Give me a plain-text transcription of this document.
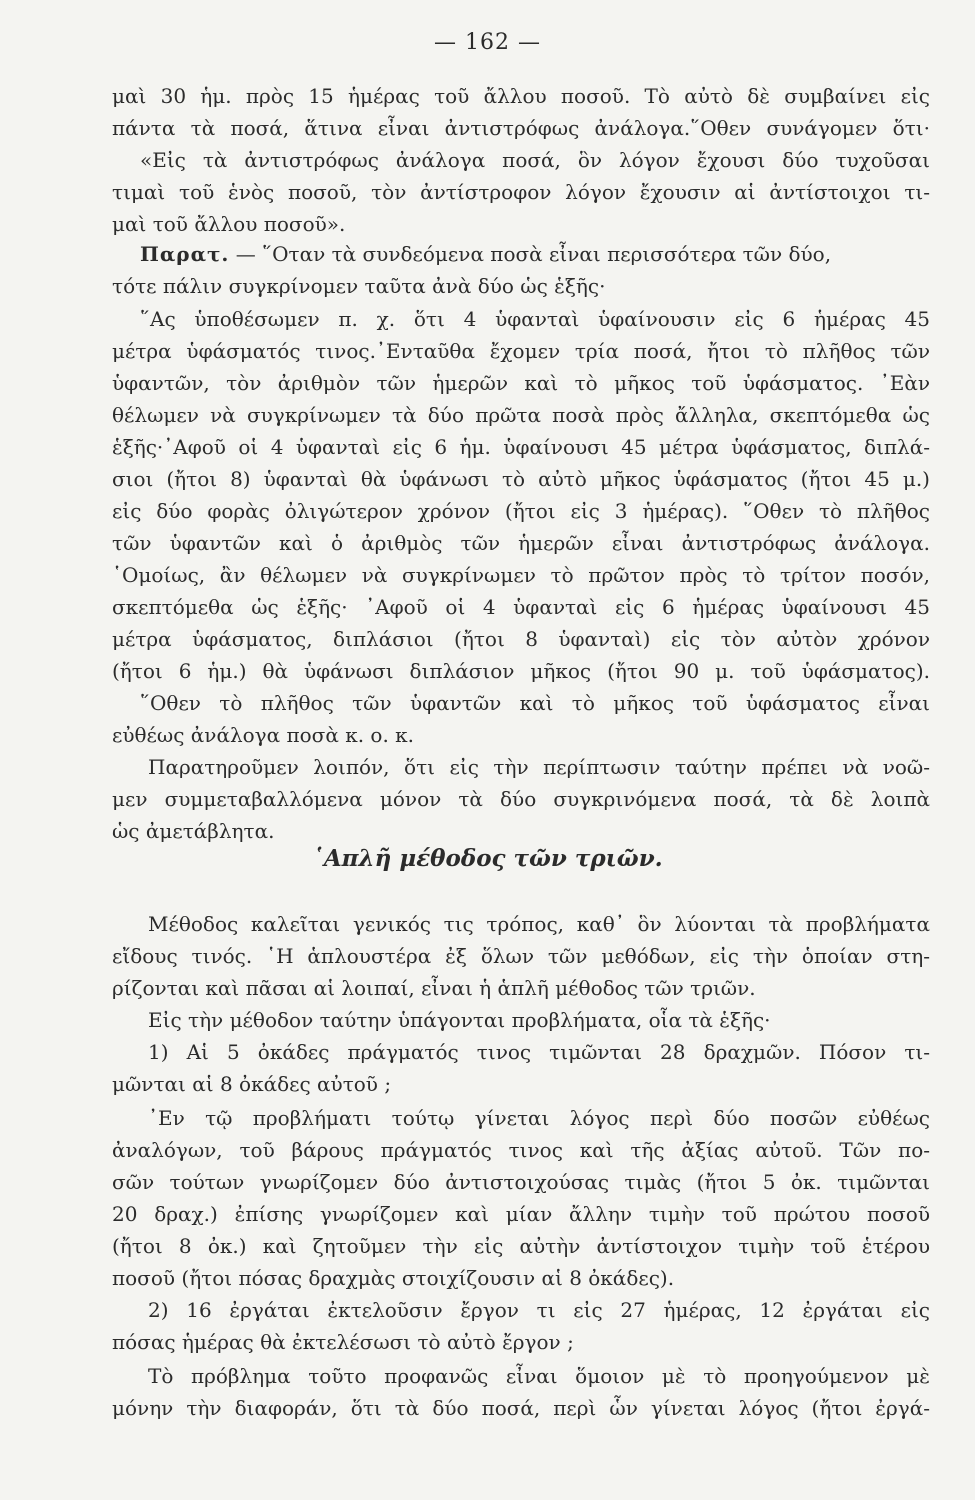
— 162 —
μαὶ 30 ἡμ. πρὸς 15 ἡμέρας τοῦ ἄλλου ποσοῦ. Τὸ αὐτὸ δὲ συμβαίνει εἰς
πάντα τὰ ποσά, ἅτινα εἶναι ἀντιστρόφως ἀνάλογα.῞Οθεν συνάγομεν ὅτι·
«Εἰς τὰ ἀντιστρόφως ἀνάλογα ποσά, ὃν λόγον ἔχουσι δύο τυχοῦσαι
τιμαὶ τοῦ ἑνὸς ποσοῦ, τὸν ἀντίστροφον λόγον ἔχουσιν αἱ ἀντίστοιχοι τι-
μαὶ τοῦ ἄλλου ποσοῦ».
Παρατ. — ῞Οταν τὰ συνδεόμενα ποσὰ εἶναι περισσότερα τῶν δύο,
τότε πάλιν συγκρίνομεν ταῦτα ἀνὰ δύο ὡς ἑξῆς·
῞Ας ὑποθέσωμεν π. χ. ὅτι 4 ὑφανταὶ ὑφαίνουσιν εἰς 6 ἡμέρας 45
μέτρα ὑφάσματός τινος.᾿Ενταῦθα ἔχομεν τρία ποσά, ἤτοι τὸ πλῆθος τῶν
ὑφαντῶν, τὸν ἀριθμὸν τῶν ἡμερῶν καὶ τὸ μῆκος τοῦ ὑφάσματος. ᾿Εὰν
θέλωμεν νὰ συγκρίνωμεν τὰ δύο πρῶτα ποσὰ πρὸς ἄλληλα, σκεπτόμεθα ὡς
ἑξῆς·᾿Αφοῦ οἱ 4 ὑφανταὶ εἰς 6 ἡμ. ὑφαίνουσι 45 μέτρα ὑφάσματος, διπλά-
σιοι (ἤτοι 8) ὑφανταὶ θὰ ὑφάνωσι τὸ αὐτὸ μῆκος ὑφάσματος (ἤτοι 45 μ.)
εἰς δύο φορὰς ὀλιγώτερον χρόνον (ἤτοι εἰς 3 ἡμέρας). ῞Οθεν τὸ πλῆθος
τῶν ὑφαντῶν καὶ ὁ ἀριθμὸς τῶν ἡμερῶν εἶναι ἀντιστρόφως ἀνάλογα.
῾Ομοίως, ἂν θέλωμεν νὰ συγκρίνωμεν τὸ πρῶτον πρὸς τὸ τρίτον ποσόν,
σκεπτόμεθα ὡς ἑξῆς· ᾿Αφοῦ οἱ 4 ὑφανταὶ εἰς 6 ἡμέρας ὑφαίνουσι 45
μέτρα ὑφάσματος, διπλάσιοι (ἤτοι 8 ὑφανταὶ) εἰς τὸν αὐτὸν χρόνον
(ἤτοι 6 ἡμ.) θὰ ὑφάνωσι διπλάσιον μῆκος (ἤτοι 90 μ. τοῦ ὑφάσματος).
῞Οθεν τὸ πλῆθος τῶν ὑφαντῶν καὶ τὸ μῆκος τοῦ ὑφάσματος εἶναι
εὐθέως ἀνάλογα ποσὰ κ. ο. κ.
Παρατηροῦμεν λοιπόν, ὅτι εἰς τὴν περίπτωσιν ταύτην πρέπει νὰ νοῶ-
μεν συμμεταβαλλόμενα μόνον τὰ δύο συγκρινόμενα ποσά, τὰ δὲ λοιπὰ
ὡς ἀμετάβλητα.
῾Απλῆ μέθοδος τῶν τριῶν.
Μέθοδος καλεῖται γενικός τις τρόπος, καθ᾿ ὃν λύονται τὰ προβλήματα
εἴδους τινός. ῾Η ἁπλουστέρα ἐξ ὅλων τῶν μεθόδων, εἰς τὴν ὁποίαν στη-
ρίζονται καὶ πᾶσαι αἱ λοιπαί, εἶναι ἡ ἁπλῆ μέθοδος τῶν τριῶν.
Εἰς τὴν μέθοδον ταύτην ὑπάγονται προβλήματα, οἷα τὰ ἑξῆς·
1) Αἱ 5 ὀκάδες πράγματός τινος τιμῶνται 28 δραχμῶν. Πόσον τι-
μῶνται αἱ 8 ὀκάδες αὐτοῦ ;
᾿Εν τῷ προβλήματι τούτῳ γίνεται λόγος περὶ δύο ποσῶν εὐθέως
ἀναλόγων, τοῦ βάρους πράγματός τινος καὶ τῆς ἀξίας αὐτοῦ. Τῶν πο-
σῶν τούτων γνωρίζομεν δύο ἀντιστοιχούσας τιμὰς (ἤτοι 5 ὀκ. τιμῶνται
20 δραχ.) ἐπίσης γνωρίζομεν καὶ μίαν ἄλλην τιμὴν τοῦ πρώτου ποσοῦ
(ἤτοι 8 ὀκ.) καὶ ζητοῦμεν τὴν εἰς αὐτὴν ἀντίστοιχον τιμὴν τοῦ ἑτέρου
ποσοῦ (ἤτοι πόσας δραχμὰς στοιχίζουσιν αἱ 8 ὀκάδες).
2) 16 ἐργάται ἐκτελοῦσιν ἔργον τι εἰς 27 ἡμέρας, 12 ἐργάται εἰς
πόσας ἡμέρας θὰ ἐκτελέσωσι τὸ αὐτὸ ἔργον ;
Τὸ πρόβλημα τοῦτο προφανῶς εἶναι ὅμοιον μὲ τὸ προηγούμενον μὲ
μόνην τὴν διαφοράν, ὅτι τὰ δύο ποσά, περὶ ὧν γίνεται λόγος (ἤτοι ἐργά-
